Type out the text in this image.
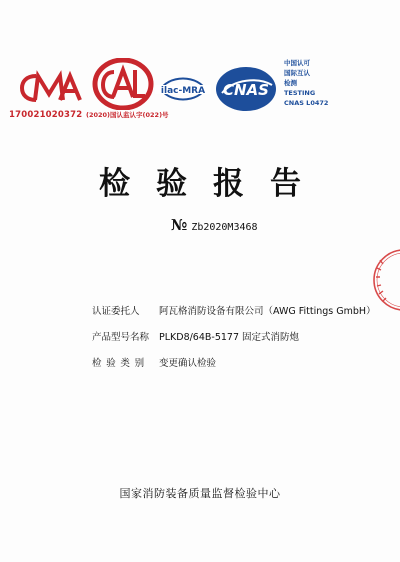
170021020372 (2020)国认监认字(022)号
ilac-MRA CNAS
中国认可
国际互认
检测
TESTING
CNAS L0472
检验报告
№ Zb2020M3468
认证委托人 阿瓦格消防设备有限公司（AWG Fittings GmbH）
产品型号名称 PLKD8/64B-5177 固定式消防炮
检验类别 变更确认检验
国家消防装备质量监督检验中心
